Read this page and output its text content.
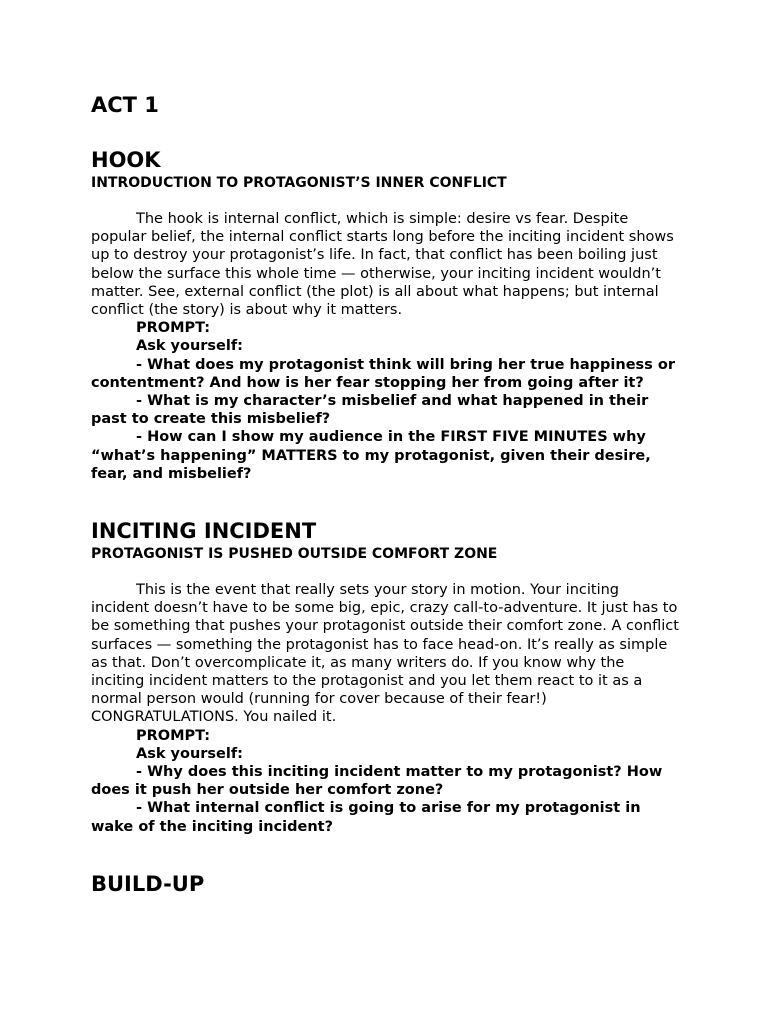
ACT 1
HOOK
INTRODUCTION TO PROTAGONIST’S INNER CONFLICT

The hook is internal conflict, which is simple: desire vs fear. Despite popular belief, the internal conflict starts long before the inciting incident shows up to destroy your protagonist’s life. In fact, that conflict has been boiling just below the surface this whole time — otherwise, your inciting incident wouldn’t matter. See, external conflict (the plot) is all about what happens; but internal conflict (the story) is about why it matters.

PROMPT:

Ask yourself:

- What does my protagonist think will bring her true happiness or contentment? And how is her fear stopping her from going after it?

- What is my character’s misbelief and what happened in their past to create this misbelief?

- How can I show my audience in the FIRST FIVE MINUTES why “what’s happening” MATTERS to my protagonist, given their desire, fear, and misbelief?

INCITING INCIDENT
PROTAGONIST IS PUSHED OUTSIDE COMFORT ZONE

This is the event that really sets your story in motion. Your inciting incident doesn’t have to be some big, epic, crazy call-to-adventure. It just has to be something that pushes your protagonist outside their comfort zone. A conflict surfaces — something the protagonist has to face head-on. It’s really as simple as that. Don’t overcomplicate it, as many writers do. If you know why the inciting incident matters to the protagonist and you let them react to it as a normal person would (running for cover because of their fear!) CONGRATULATIONS. You nailed it.

PROMPT:

Ask yourself:

- Why does this inciting incident matter to my protagonist? How does it push her outside her comfort zone?

- What internal conflict is going to arise for my protagonist in wake of the inciting incident?

BUILD-UP
